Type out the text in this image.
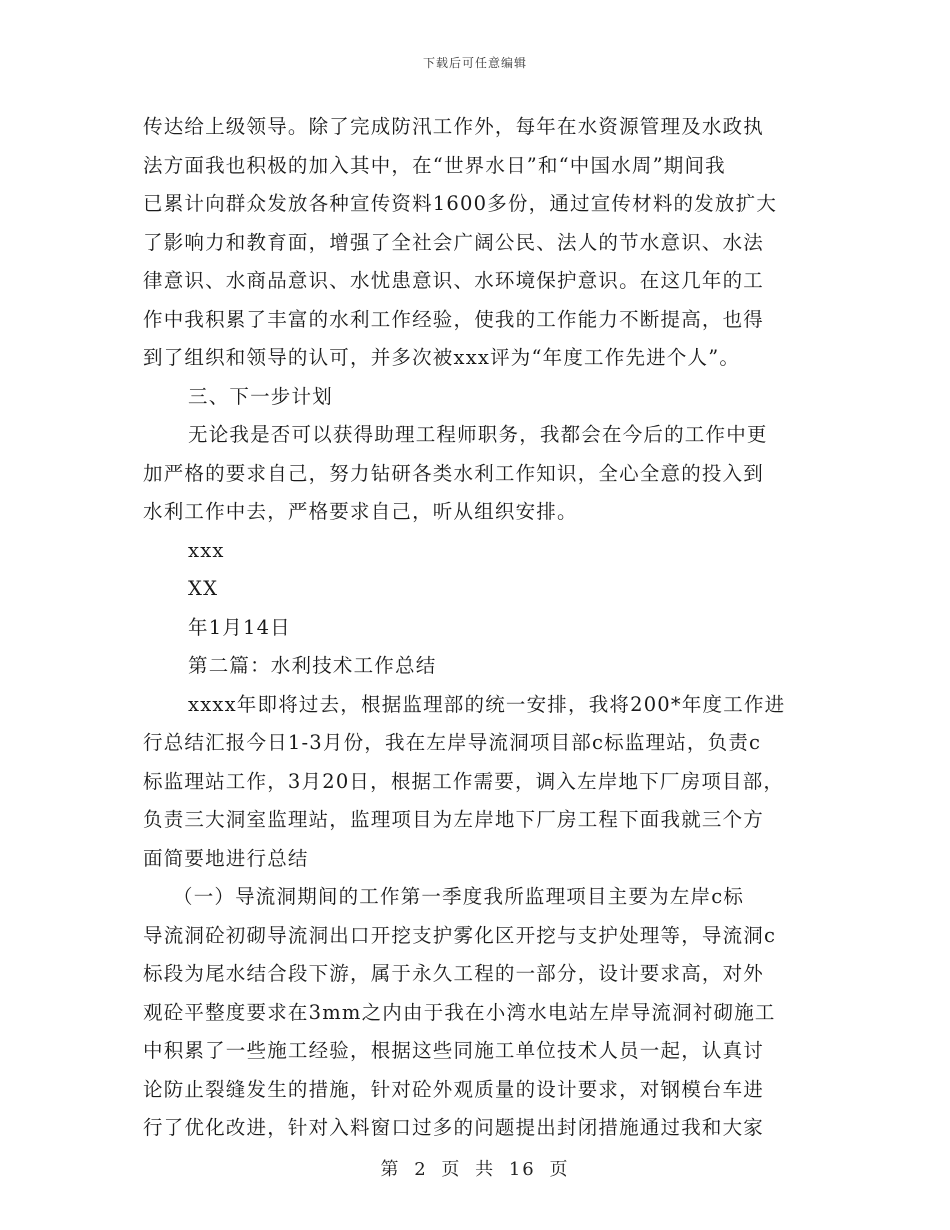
下载后可任意编辑
传达给上级领导。除了完成防汛工作外，每年在水资源管理及水政执
法方面我也积极的加入其中，在“世界水日”和“中国水周”期间我
已累计向群众发放各种宣传资料1600多份，通过宣传材料的发放扩大
了影响力和教育面，增强了全社会广阔公民、法人的节水意识、水法
律意识、水商品意识、水忧患意识、水环境保护意识。在这几年的工
作中我积累了丰富的水利工作经验，使我的工作能力不断提高，也得
到了组织和领导的认可，并多次被xxx评为“年度工作先进个人”。
三、下一步计划
无论我是否可以获得助理工程师职务，我都会在今后的工作中更
加严格的要求自己，努力钻研各类水利工作知识，全心全意的投入到
水利工作中去，严格要求自己，听从组织安排。
xxx
XX
年1月14日
第二篇：水利技术工作总结
xxxx年即将过去，根据监理部的统一安排，我将200*年度工作进
行总结汇报今日1-3月份，我在左岸导流洞项目部c标监理站，负责c
标监理站工作，3月20日，根据工作需要，调入左岸地下厂房项目部，
负责三大洞室监理站，监理项目为左岸地下厂房工程下面我就三个方
面简要地进行总结
（一）导流洞期间的工作第一季度我所监理项目主要为左岸c标
导流洞砼初砌导流洞出口开挖支护雾化区开挖与支护处理等，导流洞c
标段为尾水结合段下游，属于永久工程的一部分，设计要求高，对外
观砼平整度要求在3mm之内由于我在小湾水电站左岸导流洞衬砌施工
中积累了一些施工经验，根据这些同施工单位技术人员一起，认真讨
论防止裂缝发生的措施，针对砼外观质量的设计要求，对钢模台车进
行了优化改进，针对入料窗口过多的问题提出封闭措施通过我和大家
第 2 页 共 16 页
